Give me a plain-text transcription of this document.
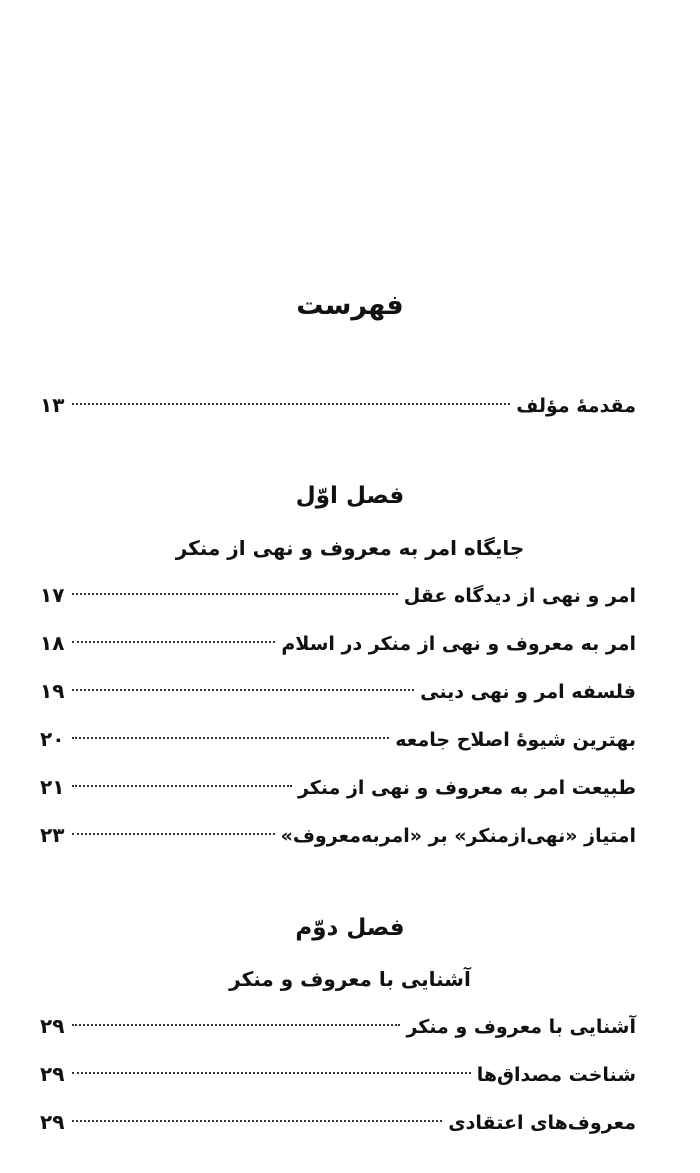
فهرست
مقدمۀ مؤلف
۱۳
فصل اوّل
جایگاه امر به معروف و نهی از منکر
امر و نهی از دیدگاه عقل
۱۷
امر به معروف و نهی از منکر در اسلام
۱۸
فلسفه امر و نهی دینی
۱۹
بهترین شیوۀ اصلاح جامعه
۲۰
طبیعت امر به معروف و نهی از منکر
۲۱
امتیاز «نهی‌ازمنکر» بر «امربه‌معروف»
۲۳
فصل دوّم
آشنایی با معروف و منکر
آشنایی با معروف و منکر
۲۹
شناخت مصداق‌ها
۲۹
معروف‌های اعتقادی
۲۹
